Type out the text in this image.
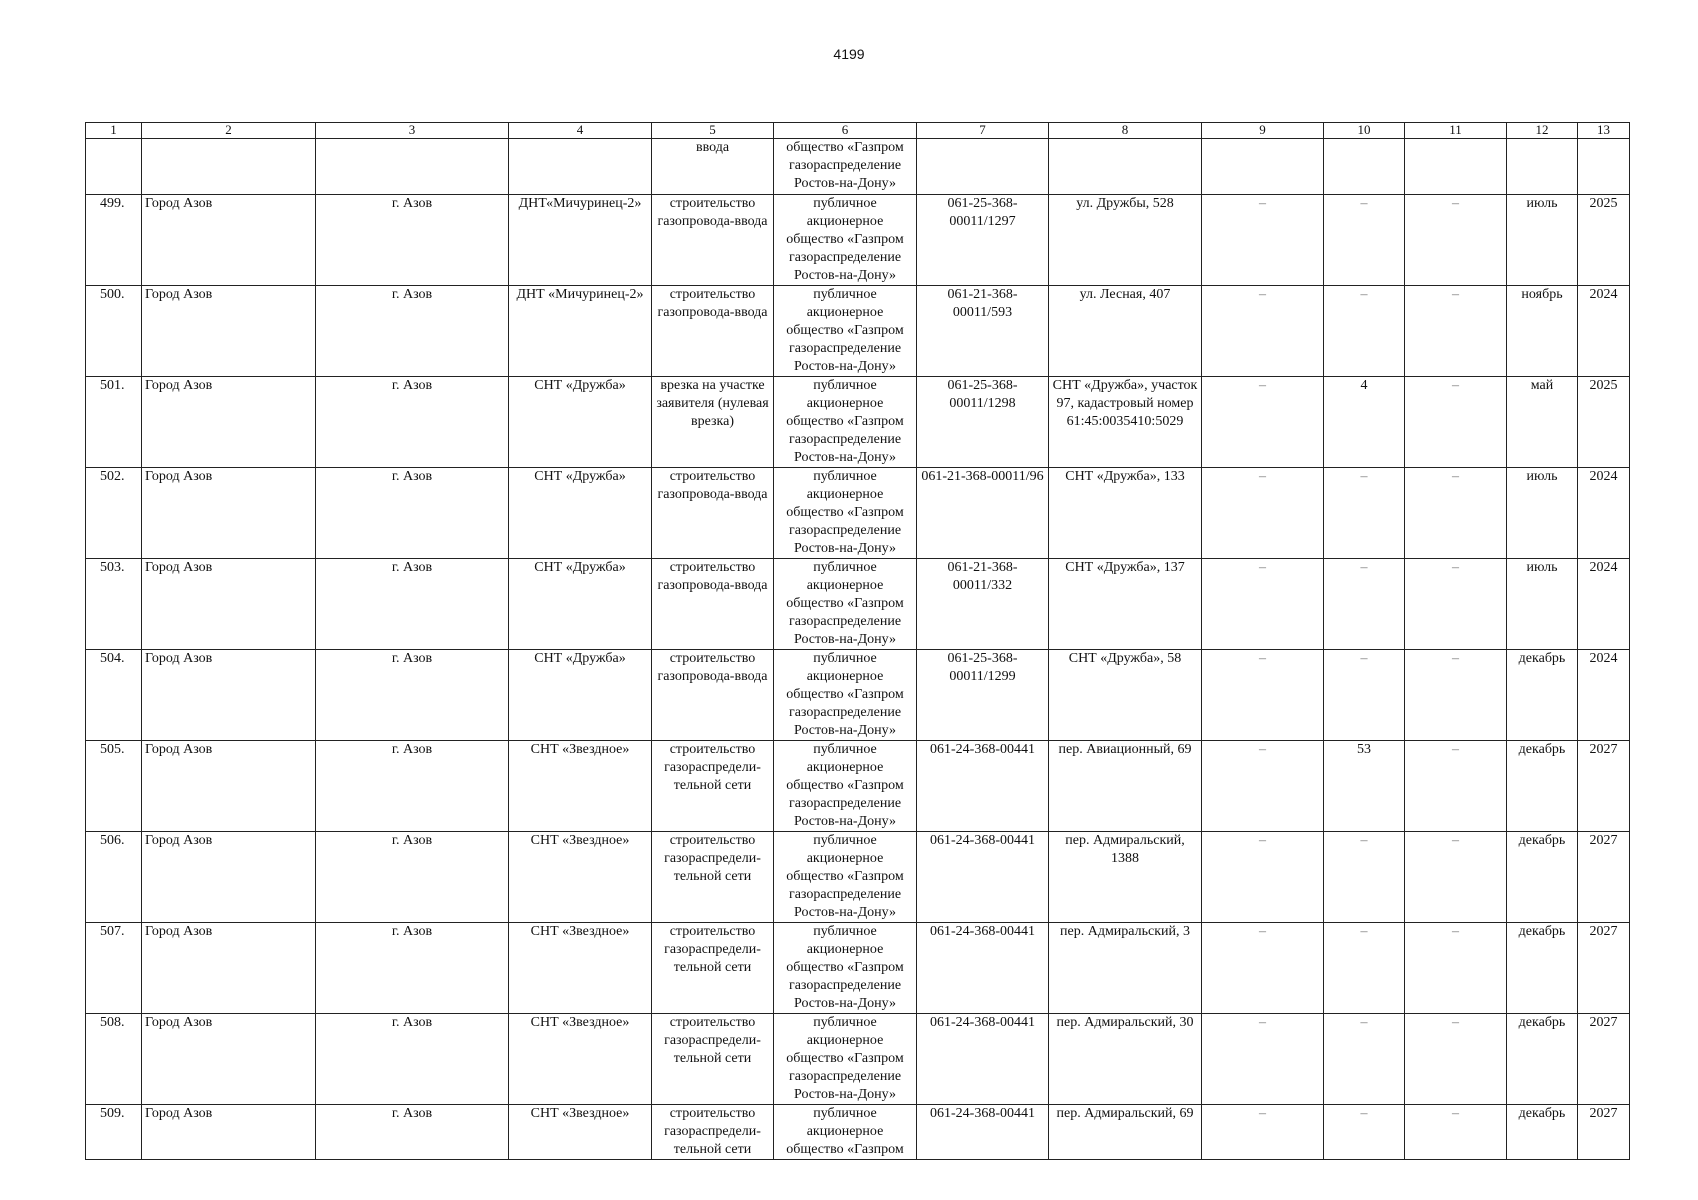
4199
1	2	3	4	5	6	7	8	9	10	11	12	13
				ввода	общество «Газпром газораспределение Ростов-на-Дону»							
499.	Город Азов	г. Азов	ДНТ«Мичуринец-2»	строительство газопровода-ввода	публичное акционерное общество «Газпром газораспределение Ростов-на-Дону»	061-25-368-00011/1297	ул. Дружбы, 528	–	–	–	июль	2025
500.	Город Азов	г. Азов	ДНТ «Мичуринец-2»	строительство газопровода-ввода	публичное акционерное общество «Газпром газораспределение Ростов-на-Дону»	061-21-368-00011/593	ул. Лесная, 407	–	–	–	ноябрь	2024
501.	Город Азов	г. Азов	СНТ «Дружба»	врезка на участке заявителя (нулевая врезка)	публичное акционерное общество «Газпром газораспределение Ростов-на-Дону»	061-25-368-00011/1298	СНТ «Дружба», участок 97, кадастровый номер 61:45:0035410:5029	–	4	–	май	2025
502.	Город Азов	г. Азов	СНТ «Дружба»	строительство газопровода-ввода	публичное акционерное общество «Газпром газораспределение Ростов-на-Дону»	061-21-368-00011/96	СНТ «Дружба», 133	–	–	–	июль	2024
503.	Город Азов	г. Азов	СНТ «Дружба»	строительство газопровода-ввода	публичное акционерное общество «Газпром газораспределение Ростов-на-Дону»	061-21-368-00011/332	СНТ «Дружба», 137	–	–	–	июль	2024
504.	Город Азов	г. Азов	СНТ «Дружба»	строительство газопровода-ввода	публичное акционерное общество «Газпром газораспределение Ростов-на-Дону»	061-25-368-00011/1299	СНТ «Дружба», 58	–	–	–	декабрь	2024
505.	Город Азов	г. Азов	СНТ «Звездное»	строительство газораспредели-тельной сети	публичное акционерное общество «Газпром газораспределение Ростов-на-Дону»	061-24-368-00441	пер. Авиационный, 69	–	53	–	декабрь	2027
506.	Город Азов	г. Азов	СНТ «Звездное»	строительство газораспредели-тельной сети	публичное акционерное общество «Газпром газораспределение Ростов-на-Дону»	061-24-368-00441	пер. Адмиральский, 1388	–	–	–	декабрь	2027
507.	Город Азов	г. Азов	СНТ «Звездное»	строительство газораспредели-тельной сети	публичное акционерное общество «Газпром газораспределение Ростов-на-Дону»	061-24-368-00441	пер. Адмиральский, 3	–	–	–	декабрь	2027
508.	Город Азов	г. Азов	СНТ «Звездное»	строительство газораспредели-тельной сети	публичное акционерное общество «Газпром газораспределение Ростов-на-Дону»	061-24-368-00441	пер. Адмиральский, 30	–	–	–	декабрь	2027
509.	Город Азов	г. Азов	СНТ «Звездное»	строительство газораспредели-тельной сети	публичное акционерное общество «Газпром	061-24-368-00441	пер. Адмиральский, 69	–	–	–	декабрь	2027
